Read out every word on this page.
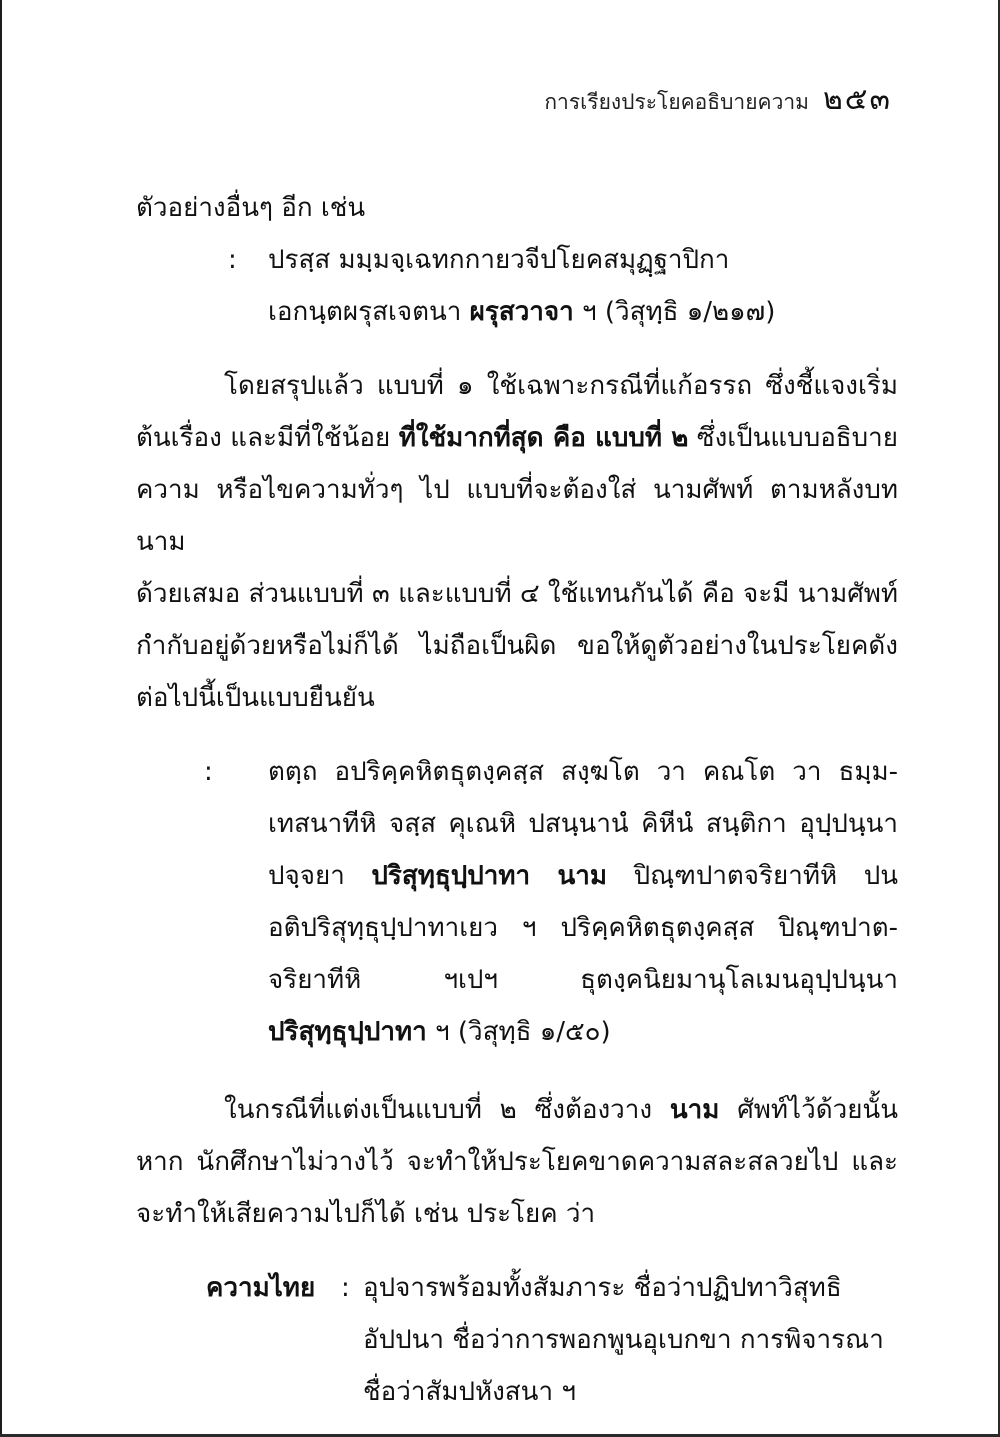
การเรียงประโยคอธิบายความ ๒๕๓

ตัวอย่างอื่นๆ อีก เช่น

:	ปรสฺส มมฺมจฺเฉทกกายวจีปโยคสมุฏฺฐาปิกา
เอกนฺตผรุสเจตนา ผรุสวาจา ฯ (วิสุทฺธิ ๑/๒๑๗)

โดยสรุปแล้ว แบบที่ ๑ ใช้เฉพาะกรณีที่แก้อรรถ ซึ่งชี้แจงเริ่ม

ต้นเรื่อง และมีที่ใช้น้อย ที่ใช้มากที่สุด คือ แบบที่ ๒ ซึ่งเป็นแบบอธิบาย

ความ หรือไขความทั่วๆ ไป แบบที่จะต้องใส่ นามศัพท์ ตามหลังบทนาม

ด้วยเสมอ ส่วนแบบที่ ๓ และแบบที่ ๔ ใช้แทนกันได้ คือ จะมี นามศัพท์

กำกับอยู่ด้วยหรือไม่ก็ได้ ไม่ถือเป็นผิด ขอให้ดูตัวอย่างในประโยคดัง

ต่อไปนี้เป็นแบบยืนยัน

:	ตตฺถ อปริคฺคหิตธุตงฺคสฺส สงฺฆโต วา คณโต วา ธมฺม-
เทสนาทีหิ จสฺส คุเณหิ ปสนฺนานํ คิหีนํ สนฺติกา อุปฺปนฺนา
ปจฺจยา ปริสุทฺธุปฺปาทา นาม ปิณฺฑปาตจริยาทีหิ ปน
อติปริสุทฺธุปฺปาทาเยว ฯ ปริคฺคหิตธุตงฺคสฺส ปิณฺฑปาต-
จริยาทีหิ ฯเปฯ ธุตงฺคนิยมานุโลเมนอุปฺปนฺนา
ปริสุทฺธุปฺปาทา ฯ (วิสุทฺธิ ๑/๕๐)

ในกรณีที่แต่งเป็นแบบที่ ๒ ซึ่งต้องวาง นาม ศัพท์ไว้ด้วยนั้น

หาก นักศึกษาไม่วางไว้ จะทำให้ประโยคขาดความสละสลวยไป และ

จะทำให้เสียความไปก็ได้ เช่น ประโยค ว่า

ความไทย : อุปจารพร้อมทั้งสัมภาระ ชื่อว่าปฏิปทาวิสุทธิ
อัปปนา ชื่อว่าการพอกพูนอุเบกขา การพิจารณา
ชื่อว่าสัมปหังสนา ฯ
